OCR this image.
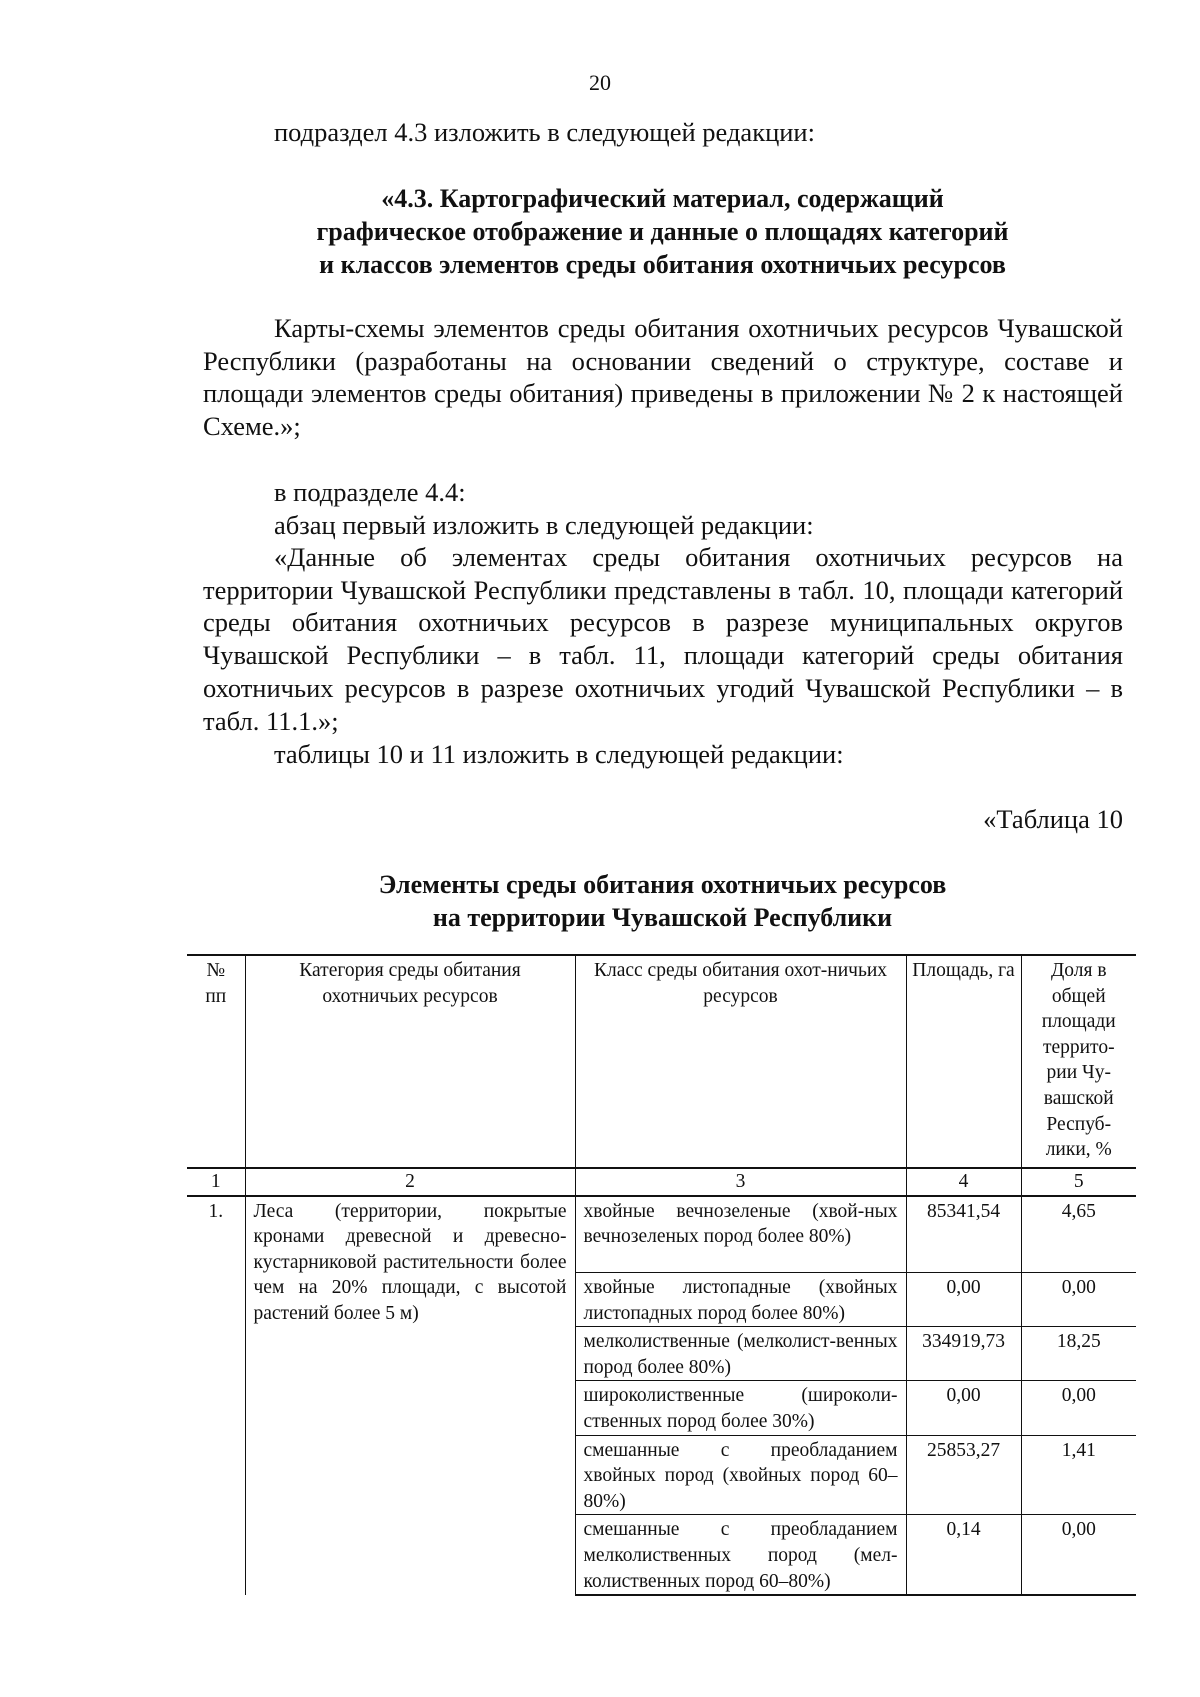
20
подраздел 4.3 изложить в следующей редакции:
«4.3. Картографический материал, содержащий
графическое отображение и данные о площадях категорий
и классов элементов среды обитания охотничьих ресурсов
Карты-схемы элементов среды обитания охотничьих ресурсов Чувашской Республики (разработаны на основании сведений о структуре, составе и площади элементов среды обитания) приведены в приложении № 2 к настоящей Схеме.»;
в подразделе 4.4:
абзац первый изложить в следующей редакции:
«Данные об элементах среды обитания охотничьих ресурсов на территории Чувашской Республики представлены в табл. 10, площади категорий среды обитания охотничьих ресурсов в разрезе муниципальных округов Чувашской Республики – в табл. 11, площади категорий среды обитания охотничьих ресурсов в разрезе охотничьих угодий Чувашской Республики – в табл. 11.1.»;
таблицы 10 и 11 изложить в следующей редакции:
«Таблица 10
Элементы среды обитания охотничьих ресурсов
на территории Чувашской Республики
№ пп	Категория среды обитания охотничьих ресурсов	Класс среды обитания охот-ничьих ресурсов	Площадь, га	Доля в общей площади террито-рии Чу-вашской Респуб-лики, %
1	2	3	4	5
1.	Леса (территории, покрытые кронами древесной и древесно-кустарниковой растительности более чем на 20% площади, с высотой растений более 5 м)	хвойные вечнозеленые (хвой-ных вечнозеленых пород более 80%)	85341,54	4,65
		хвойные листопадные (хвойных листопадных пород более 80%)	0,00	0,00
		мелколиственные (мелколист-венных пород более 80%)	334919,73	18,25
		широколиственные (широколи-ственных пород более 30%)	0,00	0,00
		смешанные с преобладанием хвойных пород (хвойных пород 60–80%)	25853,27	1,41
		смешанные с преобладанием мелколиственных пород (мел-колиственных пород 60–80%)	0,14	0,00
